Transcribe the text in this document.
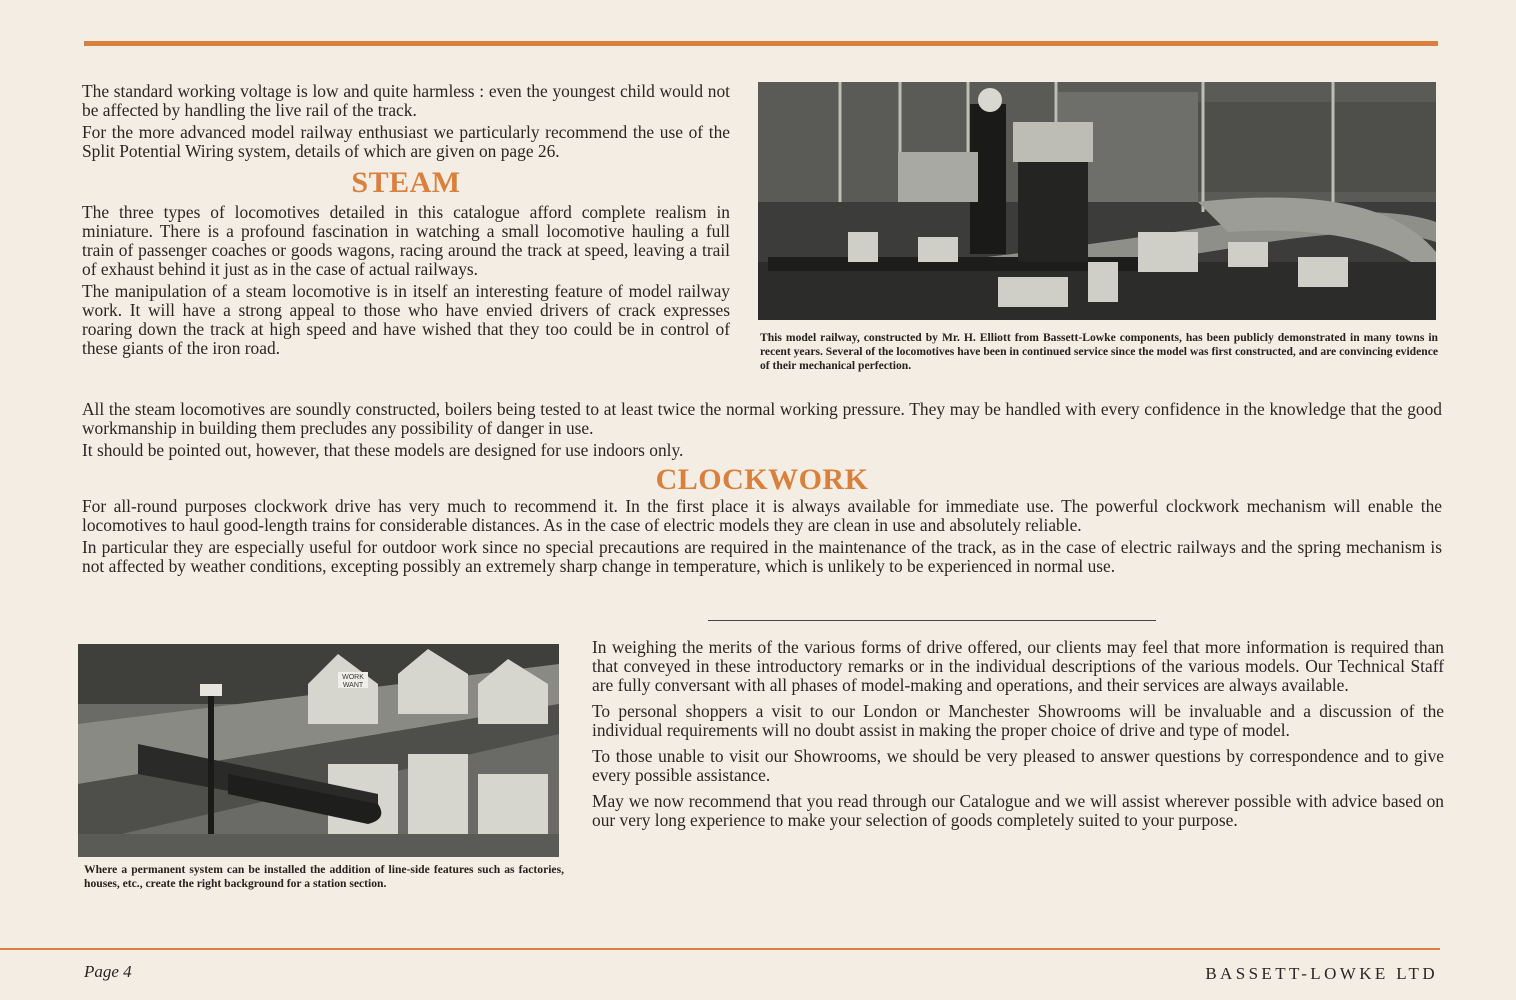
The standard working voltage is low and quite harmless : even the youngest child would not be affected by handling the live rail of the track.

For the more advanced model railway enthusiast we particularly recommend the use of the Split Potential Wiring system, details of which are given on page 26.

STEAM

The three types of locomotives detailed in this catalogue afford complete realism in miniature. There is a profound fascination in watching a small locomotive hauling a full train of passenger coaches or goods wagons, racing around the track at speed, leaving a trail of exhaust behind it just as in the case of actual railways.

The manipulation of a steam locomotive is in itself an interesting feature of model railway work. It will have a strong appeal to those who have envied drivers of crack expresses roaring down the track at high speed and have wished that they too could be in control of these giants of the iron road.

This model railway, constructed by Mr. H. Elliott from Bassett-Lowke components, has been publicly demonstrated in many towns in recent years. Several of the locomotives have been in continued service since the model was first constructed, and are convincing evidence of their mechanical perfection.

All the steam locomotives are soundly constructed, boilers being tested to at least twice the normal working pressure. They may be handled with every confidence in the knowledge that the good workmanship in building them precludes any possibility of danger in use.

It should be pointed out, however, that these models are designed for use indoors only.

CLOCKWORK

For all-round purposes clockwork drive has very much to recommend it. In the first place it is always available for immediate use. The powerful clockwork mechanism will enable the locomotives to haul good-length trains for considerable distances. As in the case of electric models they are clean in use and absolutely reliable.

In particular they are especially useful for outdoor work since no special precautions are required in the maintenance of the track, as in the case of electric railways and the spring mechanism is not affected by weather conditions, excepting possibly an extremely sharp change in temperature, which is unlikely to be experienced in normal use.

WORK
WANT
Where a permanent system can be installed the addition of line-side features such as factories, houses, etc., create the right background for a station section.

In weighing the merits of the various forms of drive offered, our clients may feel that more information is required than that conveyed in these introductory remarks or in the individual descriptions of the various models. Our Technical Staff are fully conversant with all phases of model-making and operations, and their services are always available.

To personal shoppers a visit to our London or Manchester Showrooms will be invaluable and a discussion of the individual requirements will no doubt assist in making the proper choice of drive and type of model.

To those unable to visit our Showrooms, we should be very pleased to answer questions by correspondence and to give every possible assistance.

May we now recommend that you read through our Catalogue and we will assist wherever possible with advice based on our very long experience to make your selection of goods completely suited to your purpose.

Page 4	BASSETT-LOWKE LTD
